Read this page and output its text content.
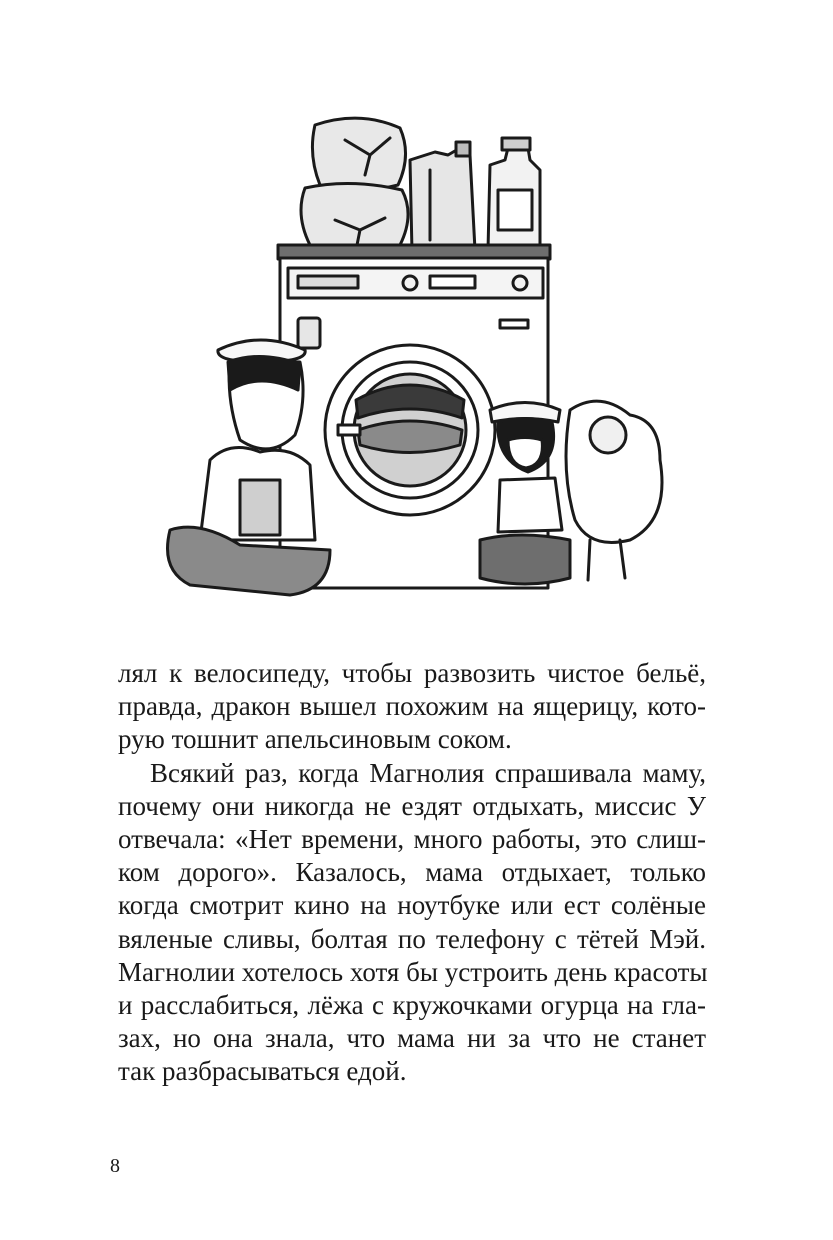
лял к велосипеду, чтобы развозить чистое бельё,
правда, дракон вышел похожим на ящерицу, кото-
рую тошнит апельсиновым соком.
Всякий раз, когда Магнолия спрашивала маму,
почему они никогда не ездят отдыхать, миссис У
отвечала: «Нет времени, много работы, это слиш-
ком дорого». Казалось, мама отдыхает, только
когда смотрит кино на ноутбуке или ест солёные
вяленые сливы, болтая по телефону с тётей Мэй.
Магнолии хотелось хотя бы устроить день красоты
и расслабиться, лёжа с кружочками огурца на гла-
зах, но она знала, что мама ни за что не станет
так разбрасываться едой.
8
